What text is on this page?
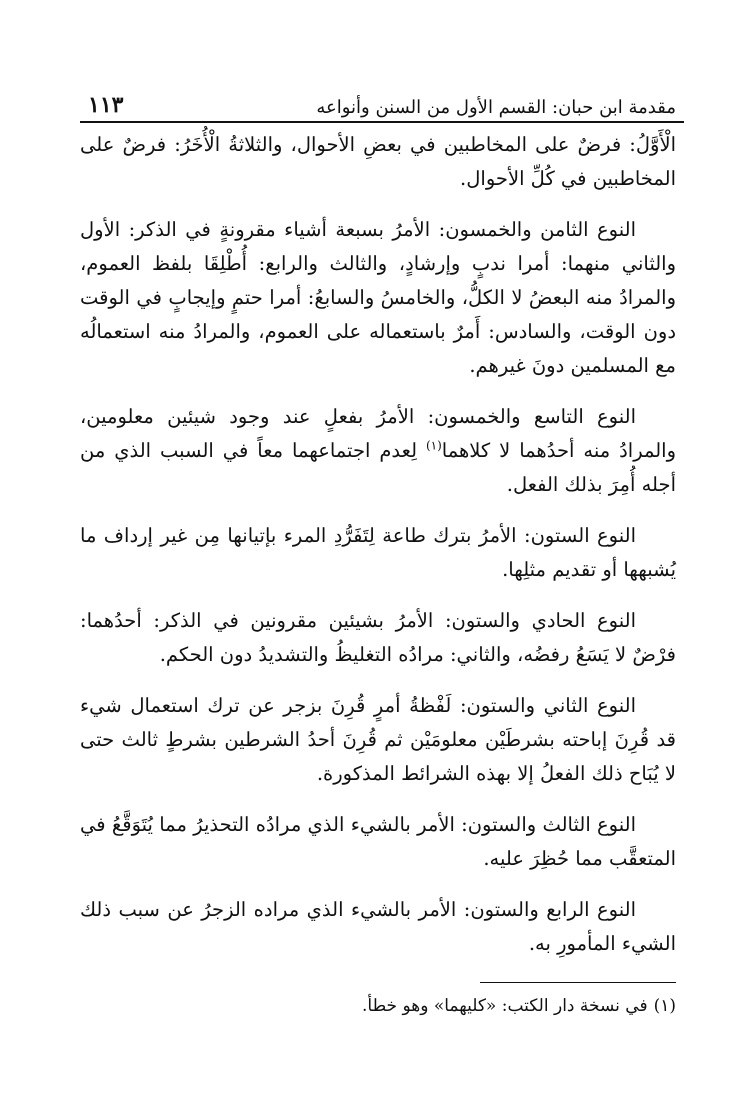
مقدمة ابن حبان: القسم الأول من السنن وأنواعه
١١٣

الْأَوَّلُ: فرضٌ على المخاطبين في بعضِ الأحوال، والثلاثةُ الْأُخَرُ: فرضٌ على المخاطبين في كُلِّ الأحوال.

النوع الثامن والخمسون: الأمرُ بسبعة أشياء مقرونةٍ في الذكر: الأول والثاني منهما: أمرا ندبٍ وإرشادٍ، والثالث والرابع: أُطْلِقَا بلفظ العموم، والمرادُ منه البعضُ لا الكلُّ، والخامسُ والسابعُ: أمرا حتمٍ وإيجابٍ في الوقت دون الوقت، والسادس: أَمرٌ باستعماله على العموم، والمرادُ منه استعمالُه مع المسلمين دونَ غيرهم.

النوع التاسع والخمسون: الأمرُ بفعلٍ عند وجود شيئين معلومين، والمرادُ منه أحدُهما لا كلاهما$^{(١)}$ لِعدم اجتماعهما معاً في السبب الذي من أجله أُمِرَ بذلك الفعل.

النوع الستون: الأمرُ بترك طاعة لِتَفَرُّدِ المرء بإتيانها مِن غير إرداف ما يُشبهها أو تقديم مثلِها.

النوع الحادي والستون: الأمرُ بشيئين مقرونين في الذكر: أحدُهما: فرْضٌ لا يَسَعُ رفضُه، والثاني: مرادُه التغليظُ والتشديدُ دون الحكم.

النوع الثاني والستون: لَفْظةُ أمرٍ قُرِنَ بزجر عن ترك استعمال شيء قد قُرِنَ إباحته بشرطَيْن معلومَيْن ثم قُرِنَ أحدُ الشرطين بشرطٍ ثالث حتى لا يُبَاح ذلك الفعلُ إلا بهذه الشرائط المذكورة.

النوع الثالث والستون: الأمر بالشيء الذي مرادُه التحذيرُ مما يُتَوَقَّعُ في المتعقَّب مما حُظِرَ عليه.

النوع الرابع والستون: الأمر بالشيء الذي مراده الزجرُ عن سبب ذلك الشيء المأمورِ به.

(١)في نسخة دار الكتب: «كليهما» وهو خطأ.
